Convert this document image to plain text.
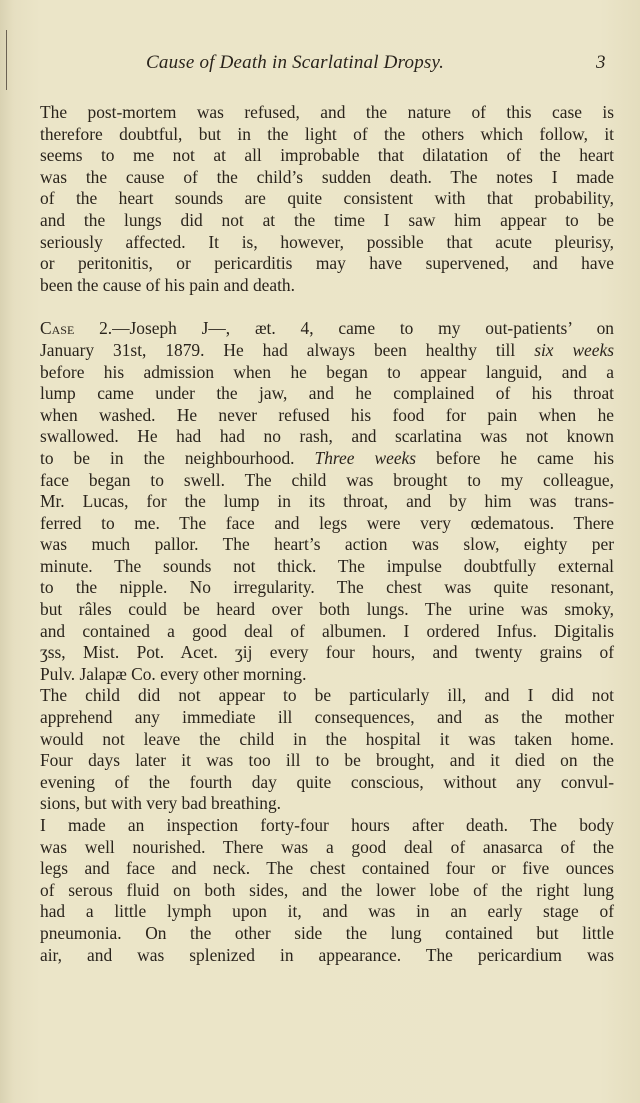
Cause of Death in Scarlatinal Dropsy.	3
The post-mortem was refused, and the nature of this case is
therefore doubtful, but in the light of the others which follow, it
seems to me not at all improbable that dilatation of the heart
was the cause of the child’s sudden death. The notes I made
of the heart sounds are quite consistent with that probability,
and the lungs did not at the time I saw him appear to be
seriously affected. It is, however, possible that acute pleurisy,
or peritonitis, or pericarditis may have supervened, and have
been the cause of his pain and death.
Case 2.—Joseph J—, æt. 4, came to my out-patients’ on
January 31st, 1879. He had always been healthy till six weeks
before his admission when he began to appear languid, and a
lump came under the jaw, and he complained of his throat
when washed. He never refused his food for pain when he
swallowed. He had had no rash, and scarlatina was not known
to be in the neighbourhood. Three weeks before he came his
face began to swell. The child was brought to my colleague,
Mr. Lucas, for the lump in its throat, and by him was trans-
ferred to me. The face and legs were very œdematous. There
was much pallor. The heart’s action was slow, eighty per
minute. The sounds not thick. The impulse doubtfully external
to the nipple. No irregularity. The chest was quite resonant,
but râles could be heard over both lungs. The urine was smoky,
and contained a good deal of albumen. I ordered Infus. Digitalis
ʒss, Mist. Pot. Acet. ʒij every four hours, and twenty grains of
Pulv. Jalapæ Co. every other morning.
The child did not appear to be particularly ill, and I did not
apprehend any immediate ill consequences, and as the mother
would not leave the child in the hospital it was taken home.
Four days later it was too ill to be brought, and it died on the
evening of the fourth day quite conscious, without any convul-
sions, but with very bad breathing.
I made an inspection forty-four hours after death. The body
was well nourished. There was a good deal of anasarca of the
legs and face and neck. The chest contained four or five ounces
of serous fluid on both sides, and the lower lobe of the right lung
had a little lymph upon it, and was in an early stage of
pneumonia. On the other side the lung contained but little
air, and was splenized in appearance. The pericardium was
